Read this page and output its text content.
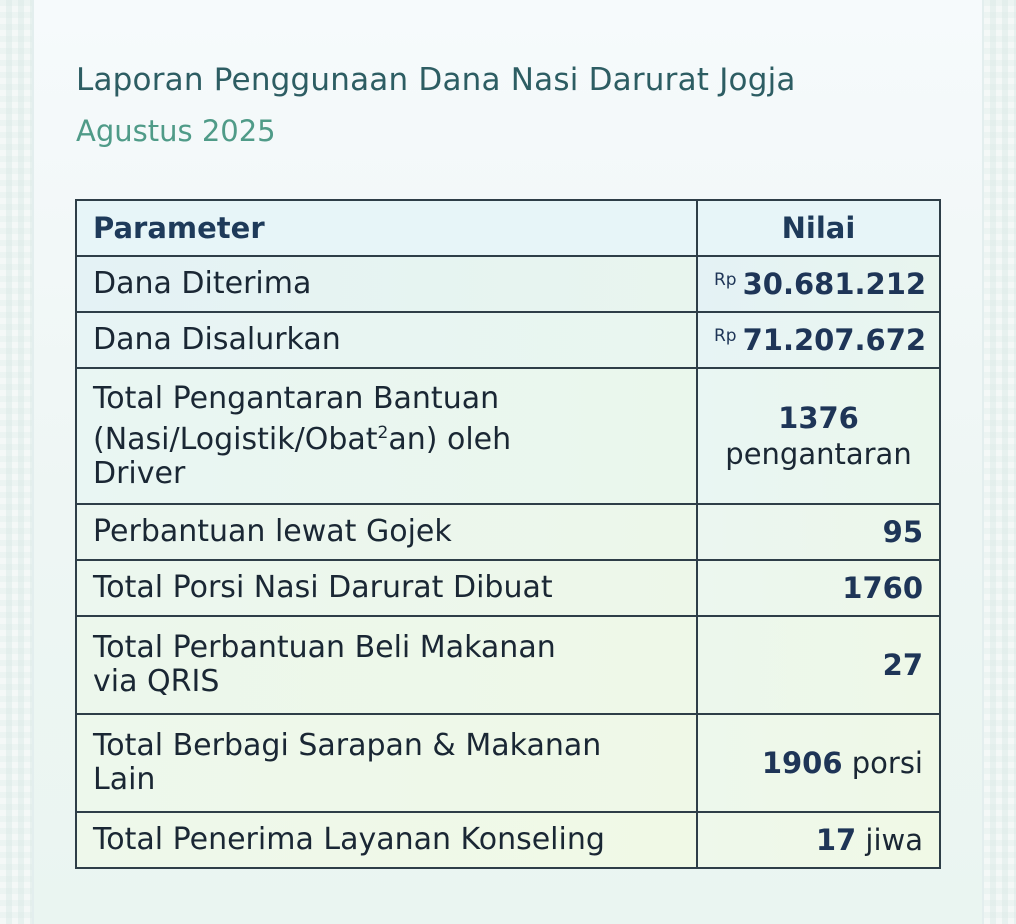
Laporan Penggunaan Dana Nasi Darurat Jogja
Agustus 2025
Parameter	Nilai
Dana Diterima	$^{Rp}$ 30.681.212
Dana Disalurkan	$^{Rp}$ 71.207.672
Total Pengantaran Bantuan
(Nasi/Logistik/Obat$^2$an) oleh
Driver	1376
pengantaran
Perbantuan lewat Gojek	95
Total Porsi Nasi Darurat Dibuat	1760
Total Perbantuan Beli Makanan
via QRIS	27
Total Berbagi Sarapan & Makanan
Lain	1906 porsi
Total Penerima Layanan Konseling	17 jiwa
